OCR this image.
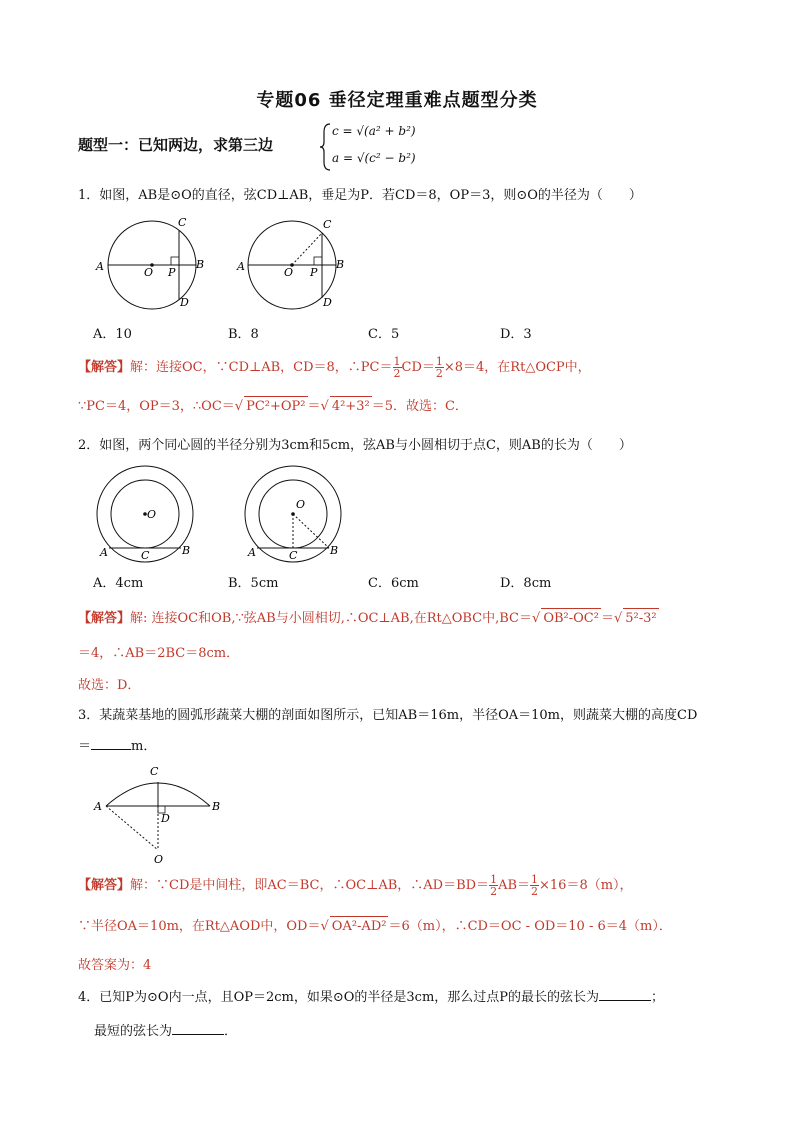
专题06 垂径定理重难点题型分类
题型一：已知两边，求第三边
c = √(a² + b²)
a = √(c² − b²)
1．如图，AB是⊙O的直径，弦CD⊥AB，垂足为P．若CD＝8，OP＝3，则⊙O的半径为（　　）
A	B
C
D
O P	A	B
C
D
O P
A．10	B．8	C．5	D．3
【解答】解：连接OC，∵CD⊥AB，CD＝8，∴PC＝ $\frac{1}{2} CD= \frac{1}{2} \times 8=4$，在Rt△OCP中，
∵PC＝4，OP＝3，∴OC＝√ PC²+OP² ＝√ 4²+3² ＝5．故选：C．
2．如图，两个同心圆的半径分别为3cm和5cm，弦AB与小圆相切于点C，则AB的长为（　　）
O
A	B
C
O
A	B
C
A．4cm	B．5cm	C．6cm	D．8cm
【解答】解: 连接OC和OB,∵弦AB与小圆相切,∴OC⊥AB,在Rt△OBC中,BC＝√ OB²-OC² ＝√ 5²-3²
＝4，∴AB＝2BC＝8cm．
故选：D．
3．某蔬菜基地的圆弧形蔬菜大棚的剖面如图所示，已知AB＝16m，半径OA＝10m，则蔬菜大棚的高度CD
＝	m．
C
A	B
D
O
【解答】解：∵CD是中间柱，即AC＝BC，∴OC⊥AB，∴AD＝BD＝ $\frac{1}{2} AB= \frac{1}{2} \times 16=8(m)$，
∵半径OA＝10m，在Rt△AOD中，OD＝√ OA²-AD² ＝6（m），∴CD＝OC - OD＝10 - 6＝4（m）．
故答案为：4
4．已知P为⊙O内一点，且OP＝2cm，如果⊙O的半径是3cm，那么过点P的最长的弦长为	；
最短的弦长为	．
